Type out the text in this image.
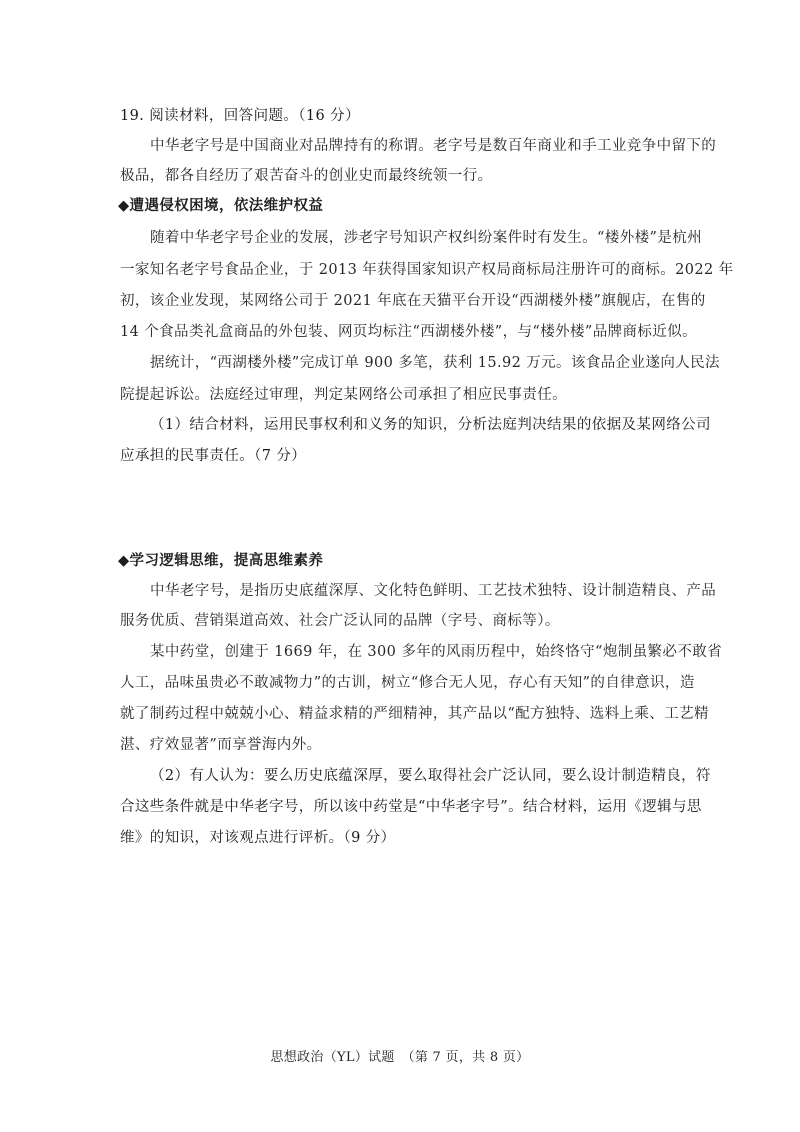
19. 阅读材料，回答问题。（16 分）
中华老字号是中国商业对品牌持有的称谓。老字号是数百年商业和手工业竞争中留下的
极品，都各自经历了艰苦奋斗的创业史而最终统领一行。
◆遭遇侵权困境，依法维护权益
随着中华老字号企业的发展，涉老字号知识产权纠纷案件时有发生。“楼外楼”是杭州
一家知名老字号食品企业，于 2013 年获得国家知识产权局商标局注册许可的商标。2022 年
初，该企业发现，某网络公司于 2021 年底在天猫平台开设“西湖楼外楼”旗舰店，在售的
14 个食品类礼盒商品的外包装、网页均标注“西湖楼外楼”，与“楼外楼”品牌商标近似。
据统计，“西湖楼外楼”完成订单 900 多笔，获利 15.92 万元。该食品企业遂向人民法
院提起诉讼。法庭经过审理，判定某网络公司承担了相应民事责任。
（1）结合材料，运用民事权利和义务的知识，分析法庭判决结果的依据及某网络公司
应承担的民事责任。（7 分）
◆学习逻辑思维，提高思维素养
中华老字号，是指历史底蕴深厚、文化特色鲜明、工艺技术独特、设计制造精良、产品
服务优质、营销渠道高效、社会广泛认同的品牌（字号、商标等）。
某中药堂，创建于 1669 年，在 300 多年的风雨历程中，始终恪守“炮制虽繁必不敢省
人工，品味虽贵必不敢减物力”的古训，树立“修合无人见，存心有天知”的自律意识，造
就了制药过程中兢兢小心、精益求精的严细精神，其产品以“配方独特、选料上乘、工艺精
湛、疗效显著”而享誉海内外。
（2）有人认为：要么历史底蕴深厚，要么取得社会广泛认同，要么设计制造精良，符
合这些条件就是中华老字号，所以该中药堂是“中华老字号”。结合材料，运用《逻辑与思
维》的知识，对该观点进行评析。（9 分）
思想政治（YL）试题　（第 7 页，共 8 页）
